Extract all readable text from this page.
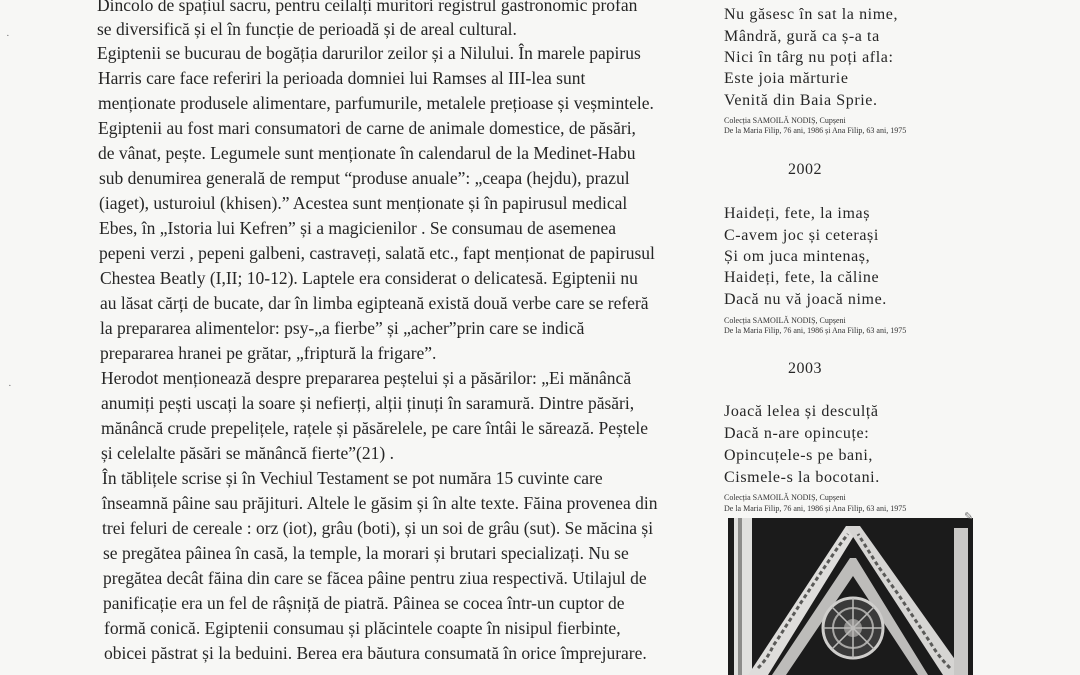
Dincolo de spațiul sacru, pentru ceilalți muritori registrul gastronomic profan
se diversifică și el în funcție de perioadă și de areal cultural.
Egiptenii se bucurau de bogăția darurilor zeilor și a Nilului. În marele papirus
Harris care face referiri la perioada domniei lui Ramses al III-lea sunt
menționate produsele alimentare, parfumurile, metalele prețioase și veșmintele.
Egiptenii au fost mari consumatori de carne de animale domestice, de păsări,
de vânat, pește. Legumele sunt menționate în calendarul de la Medinet-Habu
sub denumirea generală de remput “produse anuale”: „ceapa (hejdu), prazul
(iaget), usturoiul (khisen).” Acestea sunt menționate și în papirusul medical
Ebes, în „Istoria lui Kefren” și a magicienilor . Se consumau de asemenea
pepeni verzi , pepeni galbeni, castraveți, salată etc., fapt menționat de papirusul
Chestea Beatly (I,II; 10-12). Laptele era considerat o delicatesă. Egiptenii nu
au lăsat cărți de bucate, dar în limba egipteană există două verbe care se referă
la prepararea alimentelor: psy-„a fierbe” și „acher”prin care se indică
prepararea hranei pe grătar, „friptură la frigare”.
Herodot menționează despre prepararea peștelui și a păsărilor: „Ei mănâncă
anumiți pești uscați la soare și nefierți, alții ținuți în saramură. Dintre păsări,
mănâncă crude prepelițele, rațele și păsărelele, pe care întâi le sărează. Peștele
și celelalte păsări se mănâncă fierte”(21) .
În tăblițele scrise și în Vechiul Testament se pot număra 15 cuvinte care
înseamnă pâine sau prăjituri. Altele le găsim și în alte texte. Făina provenea din
trei feluri de cereale : orz (iot), grâu (boti), și un soi de grâu (sut). Se măcina și
se pregătea pâinea în casă, la temple, la morari și brutari specializați. Nu se
pregătea decât făina din care se făcea pâine pentru ziua respectivă. Utilajul de
panificație era un fel de râșniță de piatră. Pâinea se cocea într-un cuptor de
formă conică. Egiptenii consumau și plăcintele coapte în nisipul fierbinte,
obicei păstrat și la beduini. Berea era băutura consumată în orice împrejurare.
Nu găsesc în sat la nime,
Mândră, gură ca ș-a ta
Nici în târg nu poți afla:
Este joia mărturie
Venită din Baia Sprie.
Colecția SAMOILĂ NODIȘ, Cupșeni
De la Maria Filip, 76 ani, 1986 și Ana Filip, 63 ani, 1975
Haideți, fete, la imaș
C-avem joc și ceterași
Și om juca mintenaș,
Haideți, fete, la căline
Dacă nu vă joacă nime.
Colecția SAMOILĂ NODIȘ, Cupșeni
De la Maria Filip, 76 ani, 1986 și Ana Filip, 63 ani, 1975
Joacă lelea și desculță
Dacă n-are opincuțe:
Opincuțele-s pe bani,
Cismele-s la bocotani.
Colecția SAMOILĂ NODIȘ, Cupșeni
De la Maria Filip, 76 ani, 1986 și Ana Filip, 63 ani, 1975
2002
2003
✎
·
·
